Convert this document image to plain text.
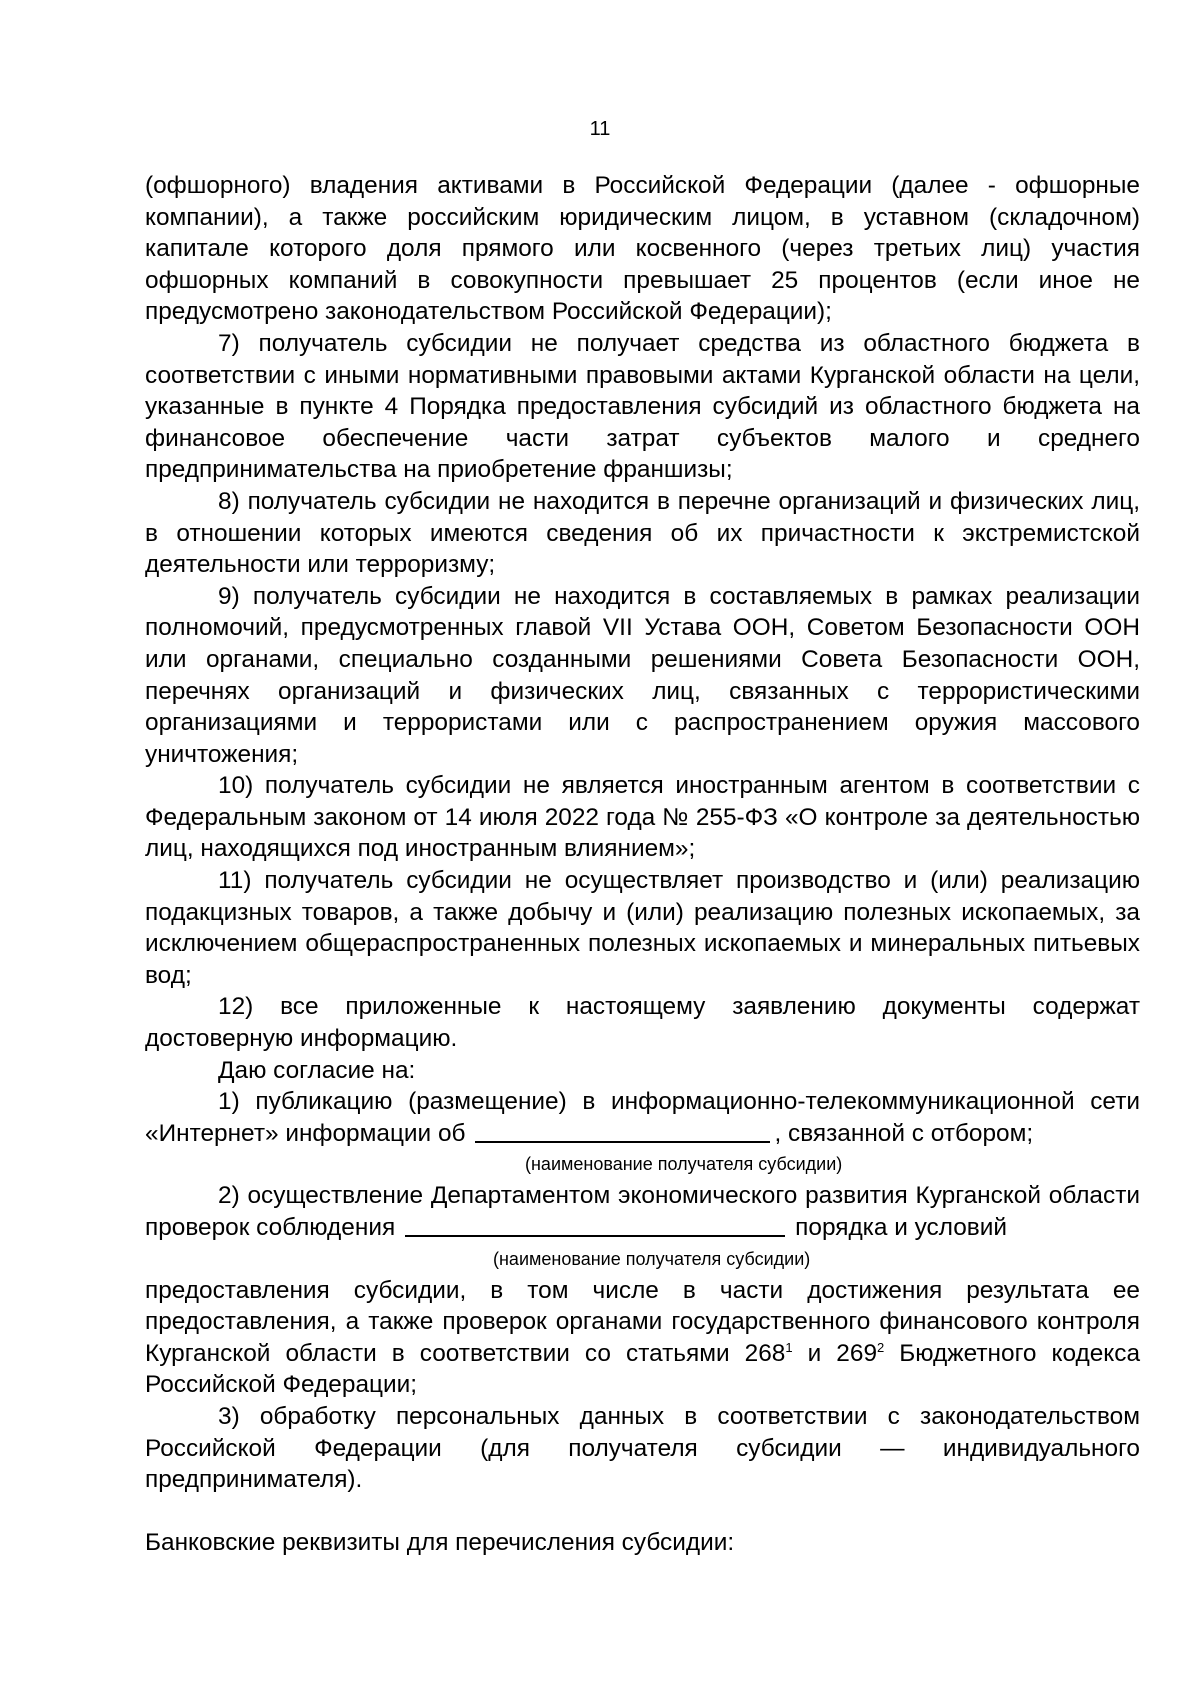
11

(офшорного) владения активами в Российской Федерации (далее - офшорные компании), а также российским юридическим лицом, в уставном (складочном) капитале которого доля прямого или косвенного (через третьих лиц) участия офшорных компаний в совокупности превышает 25 процентов (если иное не предусмотрено законодательством Российской Федерации);

7) получатель субсидии не получает средства из областного бюджета в соответствии с иными нормативными правовыми актами Курганской области на цели, указанные в пункте 4 Порядка предоставления субсидий из областного бюджета на финансовое обеспечение части затрат субъектов малого и среднего предпринимательства на приобретение франшизы;

8) получатель субсидии не находится в перечне организаций и физических лиц, в отношении которых имеются сведения об их причастности к экстремистской деятельности или терроризму;

9) получатель субсидии не находится в составляемых в рамках реализации полномочий, предусмотренных главой VII Устава ООН, Советом Безопасности ООН или органами, специально созданными решениями Совета Безопасности ООН, перечнях организаций и физических лиц, связанных с террористическими организациями и террористами или с распространением оружия массового уничтожения;

10) получатель субсидии не является иностранным агентом в соответствии с Федеральным законом от 14 июля 2022 года № 255-ФЗ «О контроле за деятельностью лиц, находящихся под иностранным влиянием»;

11) получатель субсидии не осуществляет производство и (или) реализацию подакцизных товаров, а также добычу и (или) реализацию полезных ископаемых, за исключением общераспространенных полезных ископаемых и минеральных питьевых вод;

12) все приложенные к настоящему заявлению документы содержат достоверную информацию.

Даю согласие на:

1) публикацию (размещение) в информационно-телекоммуникационной сети «Интернет» информации об	, связанной с отбором;

(наименование получателя субсидии)

2) осуществление Департаментом экономического развития Курганской области проверок соблюдения	порядка и условий

(наименование получателя субсидии)

предоставления субсидии, в том числе в части достижения результата ее предоставления, а также проверок органами государственного финансового контроля Курганской области в соответствии со статьями $268^1$ и $269^2$ Бюджетного кодекса Российской Федерации;

3) обработку персональных данных в соответствии с законодательством Российской Федерации (для получателя субсидии — индивидуального предпринимателя).

Банковские реквизиты для перечисления субсидии:
